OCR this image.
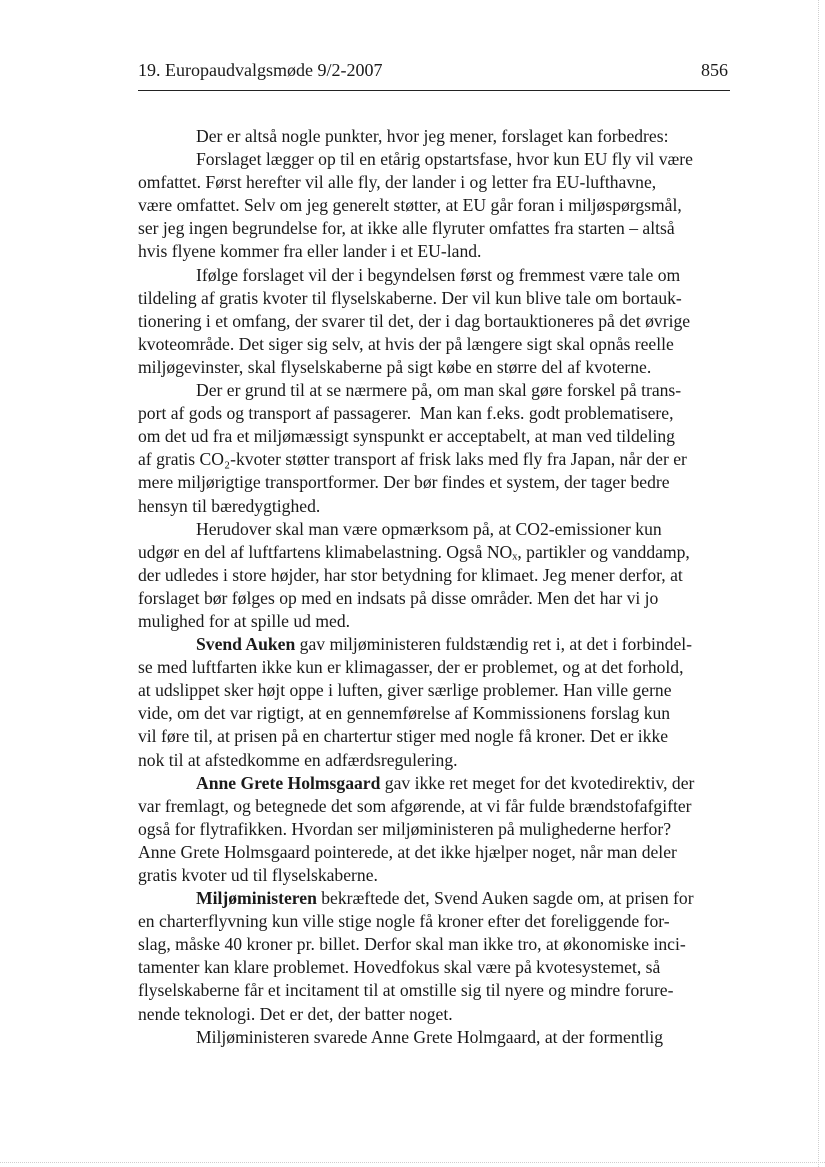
19. Europaudvalgsmøde 9/2-2007	856
Der er altså nogle punkter, hvor jeg mener, forslaget kan forbedres:
Forslaget lægger op til en etårig opstartsfase, hvor kun EU fly vil være
omfattet. Først herefter vil alle fly, der lander i og letter fra EU-lufthavne,
være omfattet. Selv om jeg generelt støtter, at EU går foran i miljøspørgsmål,
ser jeg ingen begrundelse for, at ikke alle flyruter omfattes fra starten – altså
hvis flyene kommer fra eller lander i et EU-land.
Ifølge forslaget vil der i begyndelsen først og fremmest være tale om
tildeling af gratis kvoter til flyselskaberne. Der vil kun blive tale om bortauk-
tionering i et omfang, der svarer til det, der i dag bortauktioneres på det øvrige
kvoteområde. Det siger sig selv, at hvis der på længere sigt skal opnås reelle
miljøgevinster, skal flyselskaberne på sigt købe en større del af kvoterne.
Der er grund til at se nærmere på, om man skal gøre forskel på trans-
port af gods og transport af passagerer.  Man kan f.eks. godt problematisere,
om det ud fra et miljømæssigt synspunkt er acceptabelt, at man ved tildeling
af gratis CO₂-kvoter støtter transport af frisk laks med fly fra Japan, når der er
mere miljørigtige transportformer. Der bør findes et system, der tager bedre
hensyn til bæredygtighed.
Herudover skal man være opmærksom på, at CO2-emissioner kun
udgør en del af luftfartens klimabelastning. Også NOₓ, partikler og vanddamp,
der udledes i store højder, har stor betydning for klimaet. Jeg mener derfor, at
forslaget bør følges op med en indsats på disse områder. Men det har vi jo
mulighed for at spille ud med.
Svend Auken gav miljøministeren fuldstændig ret i, at det i forbindel-
se med luftfarten ikke kun er klimagasser, der er problemet, og at det forhold,
at udslippet sker højt oppe i luften, giver særlige problemer. Han ville gerne
vide, om det var rigtigt, at en gennemførelse af Kommissionens forslag kun
vil føre til, at prisen på en chartertur stiger med nogle få kroner. Det er ikke
nok til at afstedkomme en adfærdsregulering.
Anne Grete Holmsgaard gav ikke ret meget for det kvotedirektiv, der
var fremlagt, og betegnede det som afgørende, at vi får fulde brændstofafgifter
også for flytrafikken. Hvordan ser miljøministeren på mulighederne herfor?
Anne Grete Holmsgaard pointerede, at det ikke hjælper noget, når man deler
gratis kvoter ud til flyselskaberne.
Miljøministeren bekræftede det, Svend Auken sagde om, at prisen for
en charterflyvning kun ville stige nogle få kroner efter det foreliggende for-
slag, måske 40 kroner pr. billet. Derfor skal man ikke tro, at økonomiske inci-
tamenter kan klare problemet. Hovedfokus skal være på kvotesystemet, så
flyselskaberne får et incitament til at omstille sig til nyere og mindre forure-
nende teknologi. Det er det, der batter noget.
Miljøministeren svarede Anne Grete Holmgaard, at der formentlig
